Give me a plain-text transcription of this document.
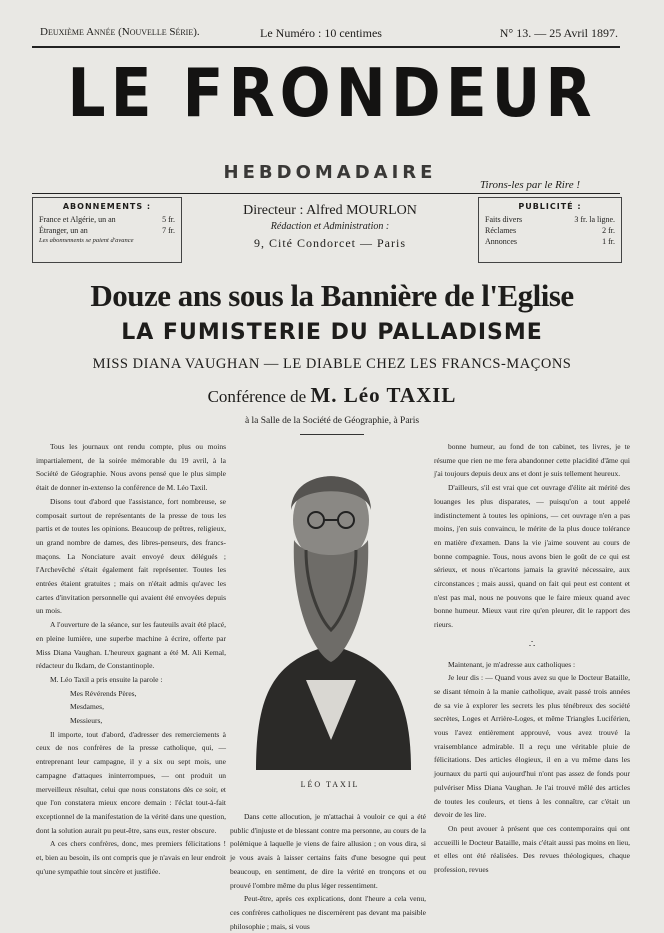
Deuxième Année (Nouvelle Série).	Le Numéro : 10 centimes	N° 13. — 25 Avril 1897.
LE FRONDEUR
HEBDOMADAIRE
Tirons-les par le Rire !
ABONNEMENTS :
France et Algérie, un an	5 fr.
Étranger, un an	7 fr.
Les abonnements se paient d'avance
Directeur : Alfred MOURLON
Rédaction et Administration :
9, Cité Condorcet — Paris
PUBLICITÉ :
Faits divers	3 fr. la ligne.
Réclames	2 fr.
Annonces	1 fr.
Douze ans sous la Bannière de l'Eglise
LA FUMISTERIE DU PALLADISME
MISS DIANA VAUGHAN — LE DIABLE CHEZ LES FRANCS-MAÇONS
Conférence de M. Léo TAXIL
à la Salle de la Société de Géographie, à Paris

Tous les journaux ont rendu compte, plus ou moins impartialement, de la soirée mémorable du 19 avril, à la Société de Géographie. Nous avons pensé que le plus simple était de donner in-extenso la conférence de M. Léo Taxil.

Disons tout d'abord que l'assistance, fort nombreuse, se composait surtout de représentants de la presse de tous les partis et de toutes les opinions. Beaucoup de prêtres, religieux, un grand nombre de dames, des libres-penseurs, des francs-maçons. La Nonciature avait envoyé deux délégués ; l'Archevêché s'était également fait représenter. Toutes les entrées étaient gratuites ; mais on n'était admis qu'avec les cartes d'invitation personnelle qui avaient été envoyées depuis un mois.

A l'ouverture de la séance, sur les fauteuils avait été placé, en pleine lumière, une superbe machine à écrire, offerte par Miss Diana Vaughan. L'heureux gagnant a été M. Ali Kemal, rédacteur du Ikdam, de Constantinople.

M. Léo Taxil a pris ensuite la parole :

Mes Révérends Pères,
Mesdames,
Messieurs,

Il importe, tout d'abord, d'adresser des remerciements à ceux de nos confrères de la presse catholique, qui, — entreprenant leur campagne, il y a six ou sept mois, une campagne d'attaques ininterrompues, — ont produit un merveilleux résultat, celui que nous constatons dès ce soir, et que l'on constatera mieux encore demain : l'éclat tout-à-fait exceptionnel de la manifestation de la vérité dans une question, dont la solution aurait pu peut-être, sans eux, rester obscure.

A ces chers confrères, donc, mes premiers félicitations ! et, bien au besoin, ils ont compris que je n'avais en leur endroit qu'une sympathie tout sincère et justifiée.

LÉO TAXIL

bonne humeur, au fond de ton cabinet, tes livres, je te résume que rien ne me fera abandonner cette placidité d'âme qui j'ai toujours depuis deux ans et dont je suis tellement heureux.

D'ailleurs, s'il est vrai que cet ouvrage d'élite ait mérité des louanges les plus disparates, — puisqu'on a tout appelé indistinctement à toutes les opinions, — cet ouvrage n'en a pas moins, j'en suis convaincu, le mérite de la plus douce tolérance en matière d'examen. Dans la vie j'aime souvent au cours de bonne compagnie. Tous, nous avons bien le goût de ce qui est sérieux, et nous n'écartons jamais la gravité nécessaire, aux circonstances ; mais aussi, quand on fait qui peut est content et n'est pas mal, nous ne pouvons que le faire mieux quand avec bonne humeur. Mieux vaut rire qu'en pleurer, dit le rapport des rieurs.

∴

Maintenant, je m'adresse aux catholiques :

Je leur dis : — Quand vous avez su que le Docteur Bataille, se disant témoin à la manie catholique, avait passé trois années de sa vie à explorer les secrets les plus ténébreux des société secrètes, Loges et Arrière-Loges, et même Triangles Luciférien, vous l'avez entièrement approuvé, vous avez trouvé la vraisemblance admirable. Il a reçu une véritable pluie de félicitations. Des articles élogieux, il en a vu même dans les journaux du parti qui aujourd'hui n'ont pas assez de fonds pour pulvériser Miss Diana Vaughan. Je l'ai trouvé mêlé des articles de toutes les couleurs, et tiens à les connaître, car c'était un devoir de les lire.

On peut avouer à présent que ces contemporains qui ont accueilli le Docteur Bataille, mais c'était aussi pas moins en lieu, et elles ont été réalisées. Des revues théologiques, chaque profession, revues

Dans cette allocution, je m'attachai à vouloir ce qui a été public d'injuste et de blessant contre ma personne, au cours de la polémique à laquelle je viens de faire allusion ; on vous dira, si je vous avais à laisser certains faits d'une besogne qui peut beaucoup, en sentiment, de dire la vérité en tronçons et ou prouvé l'ombre même du plus léger ressentiment.

Peut-être, après ces explications, dont l'heure a cela venu, ces confrères catholiques ne discernèrent pas devant ma paisible philosophie ; mais, si vous
